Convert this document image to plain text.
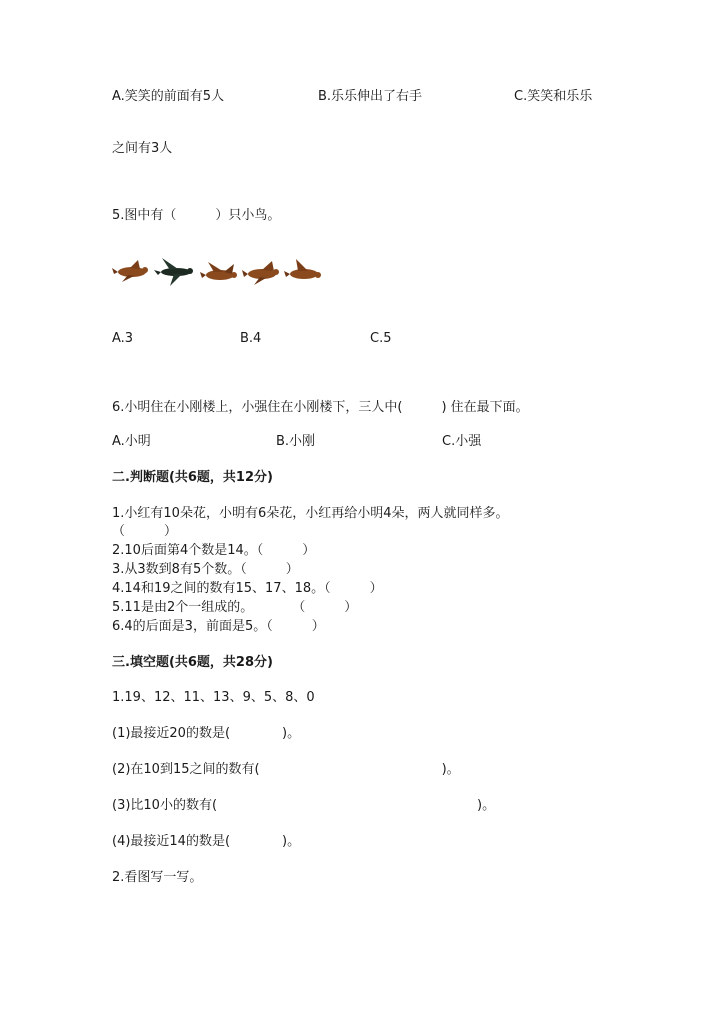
A.笑笑的前面有5人	B.乐乐伸出了右手	C.笑笑和乐乐
之间有3人
5.图中有（　　　）只小鸟。
A.3	B.4	C.5
6.小明住在小刚楼上，小强住在小刚楼下，三人中(　　　) 住在最下面。
A.小明	B.小刚	C.小强
二.判断题(共6题，共12分)
1.小红有10朵花，小明有6朵花，小红再给小明4朵，两人就同样多。
（　　　）
2.10后面第4个数是14。（　　　）
3.从3数到8有5个数。（　　　）
4.14和19之间的数有15、17、18。（　　　）
5.11是由2个一组成的。　　　　（　　　）
6.4的后面是3，前面是5。（　　　）
三.填空题(共6题，共28分)
1.19、12、11、13、9、5、8、0
(1)最接近20的数是(　　　　)。
(2)在10到15之间的数有(　　　　　　　　　　　　　　)。
(3)比10小的数有(　　　　　　　　　　　　　　　　　　　　)。
(4)最接近14的数是(　　　　)。
2.看图写一写。
